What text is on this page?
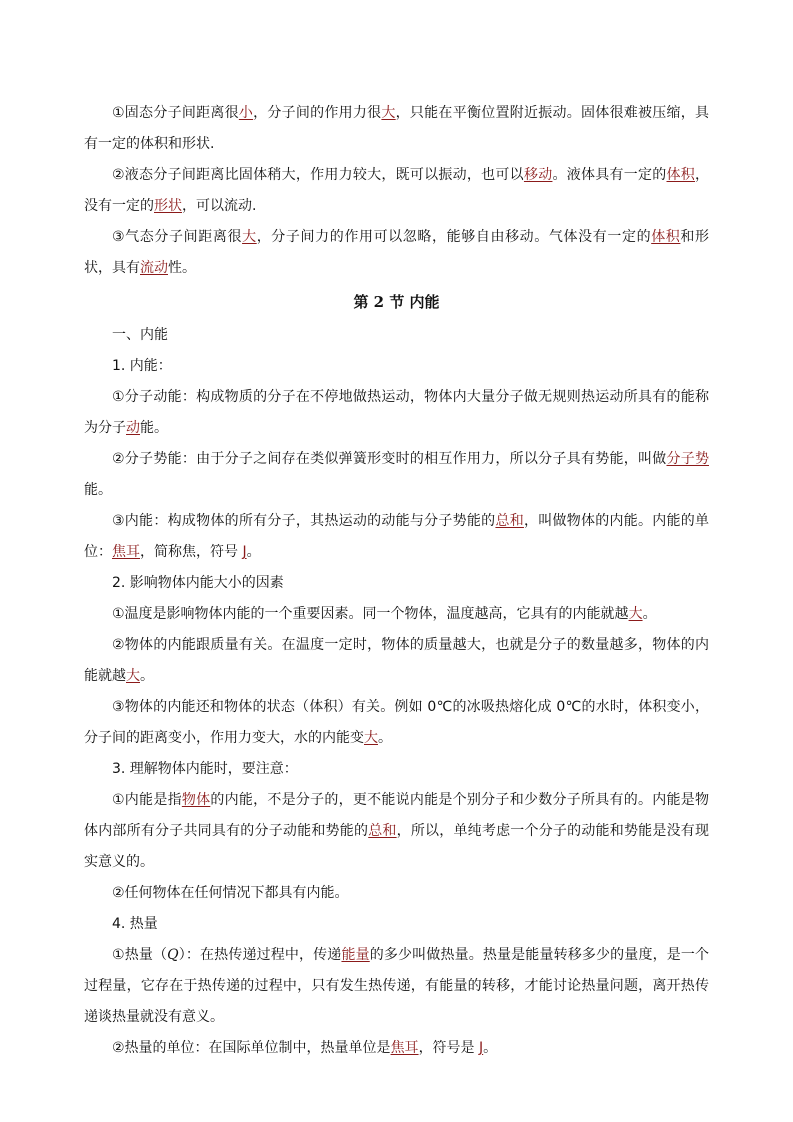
①固态分子间距离很小，分子间的作用力很大，只能在平衡位置附近振动。固体很难被压缩，具有一定的体积和形状.

②液态分子间距离比固体稍大，作用力较大，既可以振动，也可以移动。液体具有一定的体积，没有一定的形状，可以流动.

③气态分子间距离很大，分子间力的作用可以忽略，能够自由移动。气体没有一定的体积和形状，具有流动性。

第 2 节 内能

一、内能

1. 内能：

①分子动能：构成物质的分子在不停地做热运动，物体内大量分子做无规则热运动所具有的能称为分子动能。

②分子势能：由于分子之间存在类似弹簧形变时的相互作用力，所以分子具有势能，叫做分子势能。

③内能：构成物体的所有分子，其热运动的动能与分子势能的总和，叫做物体的内能。内能的单位：焦耳，简称焦，符号 J。

2. 影响物体内能大小的因素

①温度是影响物体内能的一个重要因素。同一个物体，温度越高，它具有的内能就越大。

②物体的内能跟质量有关。在温度一定时，物体的质量越大，也就是分子的数量越多，物体的内能就越大。

③物体的内能还和物体的状态（体积）有关。例如 0℃的冰吸热熔化成 0℃的水时，体积变小，分子间的距离变小，作用力变大，水的内能变大。

3. 理解物体内能时，要注意：

①内能是指物体的内能，不是分子的，更不能说内能是个别分子和少数分子所具有的。内能是物体内部所有分子共同具有的分子动能和势能的总和，所以，单纯考虑一个分子的动能和势能是没有现实意义的。

②任何物体在任何情况下都具有内能。

4. 热量

①热量（Q）：在热传递过程中，传递能量的多少叫做热量。热量是能量转移多少的量度，是一个过程量，它存在于热传递的过程中，只有发生热传递，有能量的转移，才能讨论热量问题，离开热传递谈热量就没有意义。

②热量的单位：在国际单位制中，热量单位是焦耳，符号是 J。
